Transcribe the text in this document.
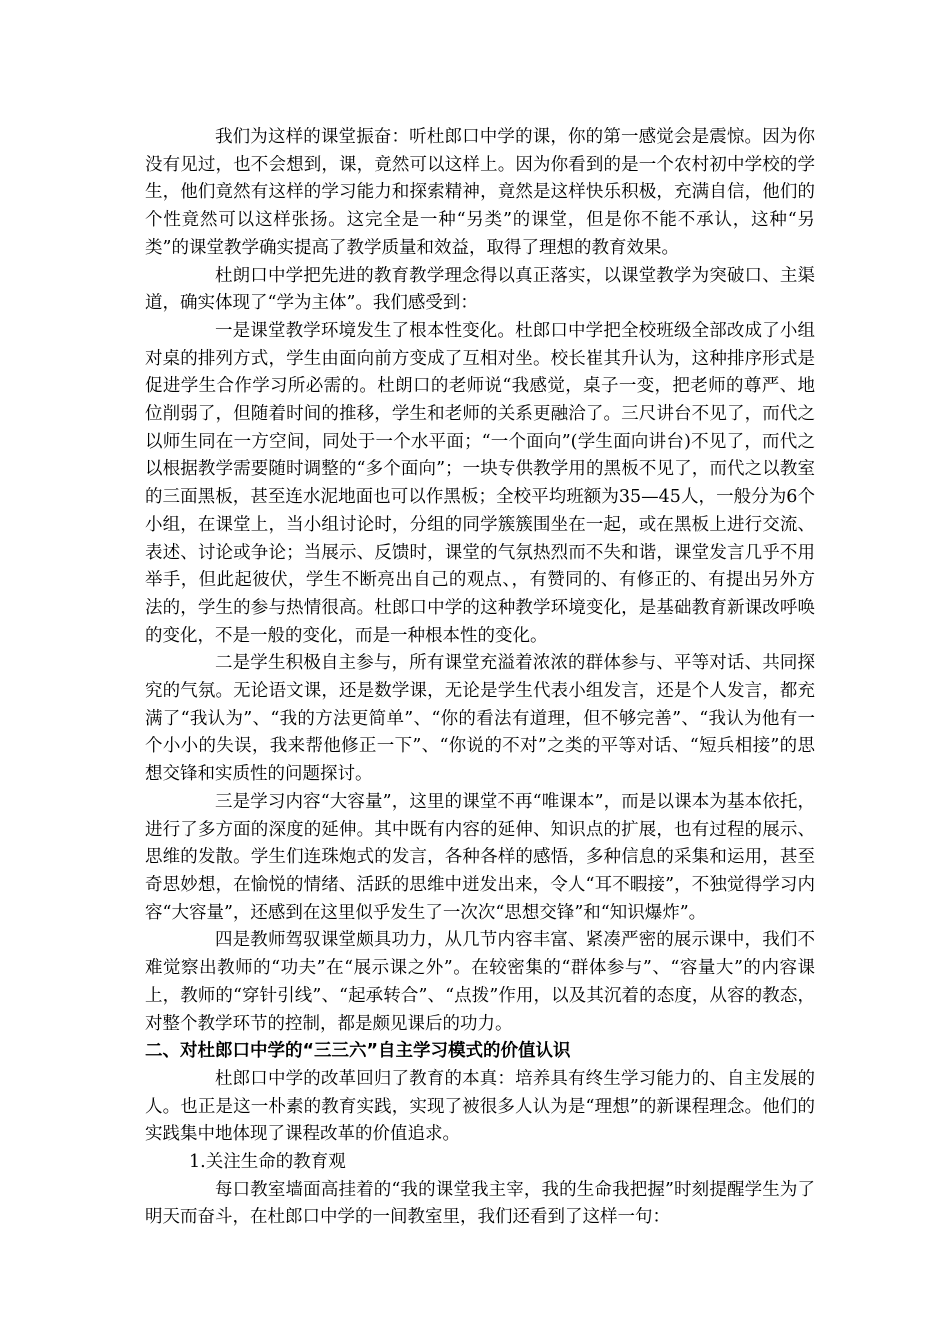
我们为这样的课堂振奋：听杜郎口中学的课，你的第一感觉会是震惊。因为你没有见过，也不会想到，课，竟然可以这样上。因为你看到的是一个农村初中学校的学生，他们竟然有这样的学习能力和探索精神，竟然是这样快乐积极，充满自信，他们的个性竟然可以这样张扬。这完全是一种“另类”的课堂，但是你不能不承认，这种“另类”的课堂教学确实提高了教学质量和效益，取得了理想的教育效果。

杜朗口中学把先进的教育教学理念得以真正落实，以课堂教学为突破口、主渠道，确实体现了“学为主体”。我们感受到：

一是课堂教学环境发生了根本性变化。杜郎口中学把全校班级全部改成了小组对桌的排列方式，学生由面向前方变成了互相对坐。校长崔其升认为，这种排序形式是促进学生合作学习所必需的。杜朗口的老师说“我感觉，桌子一变，把老师的尊严、地位削弱了，但随着时间的推移，学生和老师的关系更融洽了。三尺讲台不见了，而代之以师生同在一方空间，同处于一个水平面；“一个面向”(学生面向讲台)不见了，而代之以根据教学需要随时调整的“多个面向”；一块专供教学用的黑板不见了，而代之以教室的三面黑板，甚至连水泥地面也可以作黑板；全校平均班额为35—45人，一般分为6个小组，在课堂上，当小组讨论时，分组的同学簇簇围坐在一起，或在黑板上进行交流、表述、讨论或争论；当展示、反馈时，课堂的气氛热烈而不失和谐，课堂发言几乎不用举手，但此起彼伏，学生不断亮出自己的观点、，有赞同的、有修正的、有提出另外方法的，学生的参与热情很高。杜郎口中学的这种教学环境变化，是基础教育新课改呼唤的变化，不是一般的变化，而是一种根本性的变化。

二是学生积极自主参与，所有课堂充溢着浓浓的群体参与、平等对话、共同探究的气氛。无论语文课，还是数学课，无论是学生代表小组发言，还是个人发言，都充满了“我认为”、“我的方法更简单”、“你的看法有道理，但不够完善”、“我认为他有一个小小的失误，我来帮他修正一下”、“你说的不对”之类的平等对话、“短兵相接”的思想交锋和实质性的问题探讨。

三是学习内容“大容量”，这里的课堂不再“唯课本”，而是以课本为基本依托，进行了多方面的深度的延伸。其中既有内容的延伸、知识点的扩展，也有过程的展示、思维的发散。学生们连珠炮式的发言，各种各样的感悟，多种信息的采集和运用，甚至奇思妙想，在愉悦的情绪、活跃的思维中迸发出来，令人“耳不暇接”，不独觉得学习内容“大容量”，还感到在这里似乎发生了一次次“思想交锋”和“知识爆炸”。

四是教师驾驭课堂颇具功力，从几节内容丰富、紧凑严密的展示课中，我们不难觉察出教师的“功夫”在“展示课之外”。在较密集的“群体参与”、“容量大”的内容课上，教师的“穿针引线”、“起承转合”、“点拨”作用，以及其沉着的态度，从容的教态，对整个教学环节的控制，都是颇见课后的功力。

二、对杜郎口中学的“三三六”自主学习模式的价值认识

杜郎口中学的改革回归了教育的本真：培养具有终生学习能力的、自主发展的人。也正是这一朴素的教育实践，实现了被很多人认为是“理想”的新课程理念。他们的实践集中地体现了课程改革的价值追求。

1.关注生命的教育观

每口教室墙面高挂着的“我的课堂我主宰，我的生命我把握”时刻提醒学生为了明天而奋斗，在杜郎口中学的一间教室里，我们还看到了这样一句：
